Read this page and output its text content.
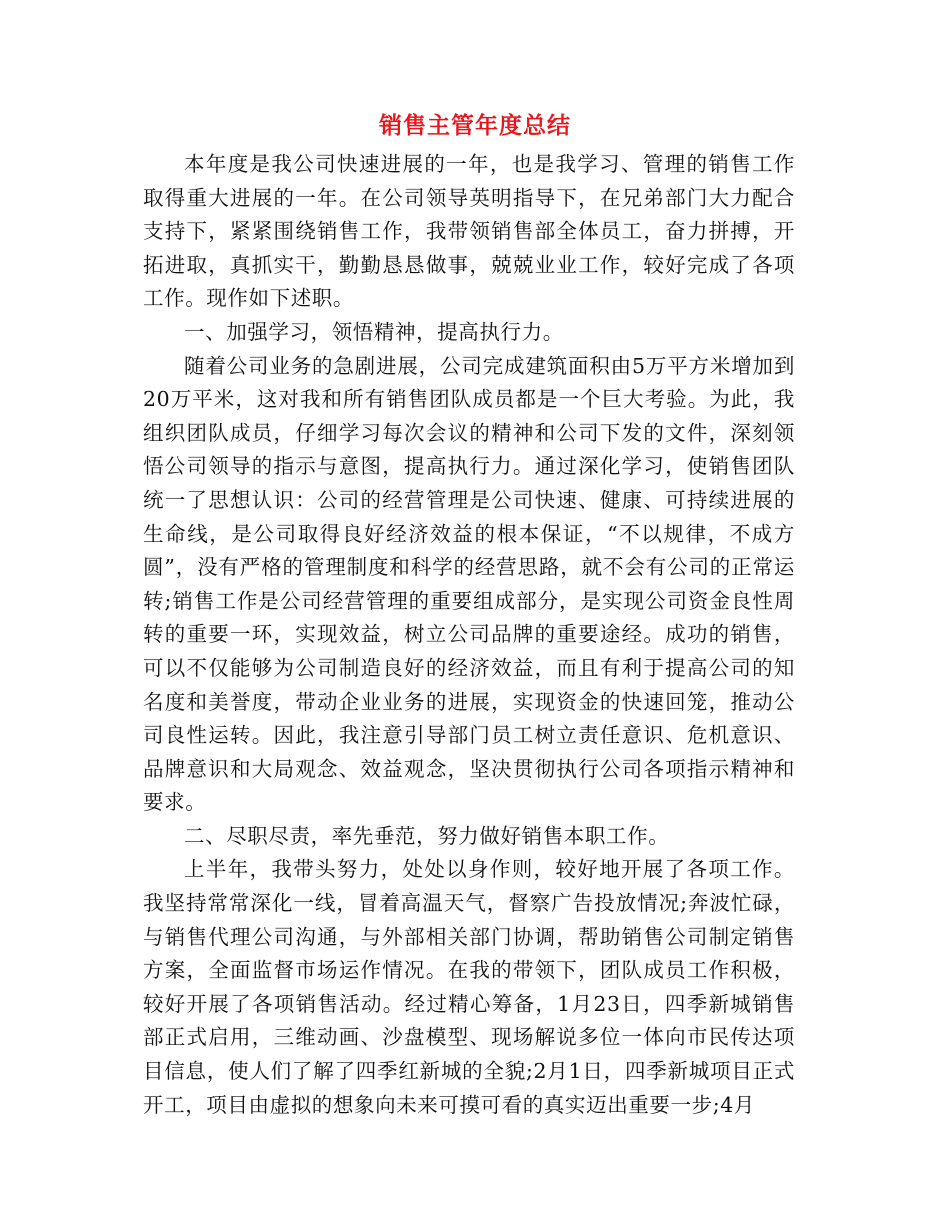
销售主管年度总结

本年度是我公司快速进展的一年，也是我学习、管理的销售工作取得重大进展的一年。在公司领导英明指导下，在兄弟部门大力配合支持下，紧紧围绕销售工作，我带领销售部全体员工，奋力拼搏，开拓进取，真抓实干，勤勤恳恳做事，兢兢业业工作，较好完成了各项工作。现作如下述职。

一、加强学习，领悟精神，提高执行力。

随着公司业务的急剧进展，公司完成建筑面积由5万平方米增加到20万平米，这对我和所有销售团队成员都是一个巨大考验。为此，我组织团队成员，仔细学习每次会议的精神和公司下发的文件，深刻领悟公司领导的指示与意图，提高执行力。通过深化学习，使销售团队统一了思想认识：公司的经营管理是公司快速、健康、可持续进展的生命线，是公司取得良好经济效益的根本保证，“不以规律，不成方圆”，没有严格的管理制度和科学的经营思路，就不会有公司的正常运转;销售工作是公司经营管理的重要组成部分，是实现公司资金良性周转的重要一环，实现效益，树立公司品牌的重要途经。成功的销售，可以不仅能够为公司制造良好的经济效益，而且有利于提高公司的知名度和美誉度，带动企业业务的进展，实现资金的快速回笼，推动公司良性运转。因此，我注意引导部门员工树立责任意识、危机意识、品牌意识和大局观念、效益观念，坚决贯彻执行公司各项指示精神和要求。

二、尽职尽责，率先垂范，努力做好销售本职工作。

上半年，我带头努力，处处以身作则，较好地开展了各项工作。我坚持常常深化一线，冒着高温天气，督察广告投放情况;奔波忙碌，与销售代理公司沟通，与外部相关部门协调，帮助销售公司制定销售方案，全面监督市场运作情况。在我的带领下，团队成员工作积极，较好开展了各项销售活动。经过精心筹备，1月23日，四季新城销售部正式启用，三维动画、沙盘模型、现场解说多位一体向市民传达项目信息，使人们了解了四季红新城的全貌;2月1日，四季新城项目正式开工，项目由虚拟的想象向未来可摸可看的真实迈出重要一步;4月
